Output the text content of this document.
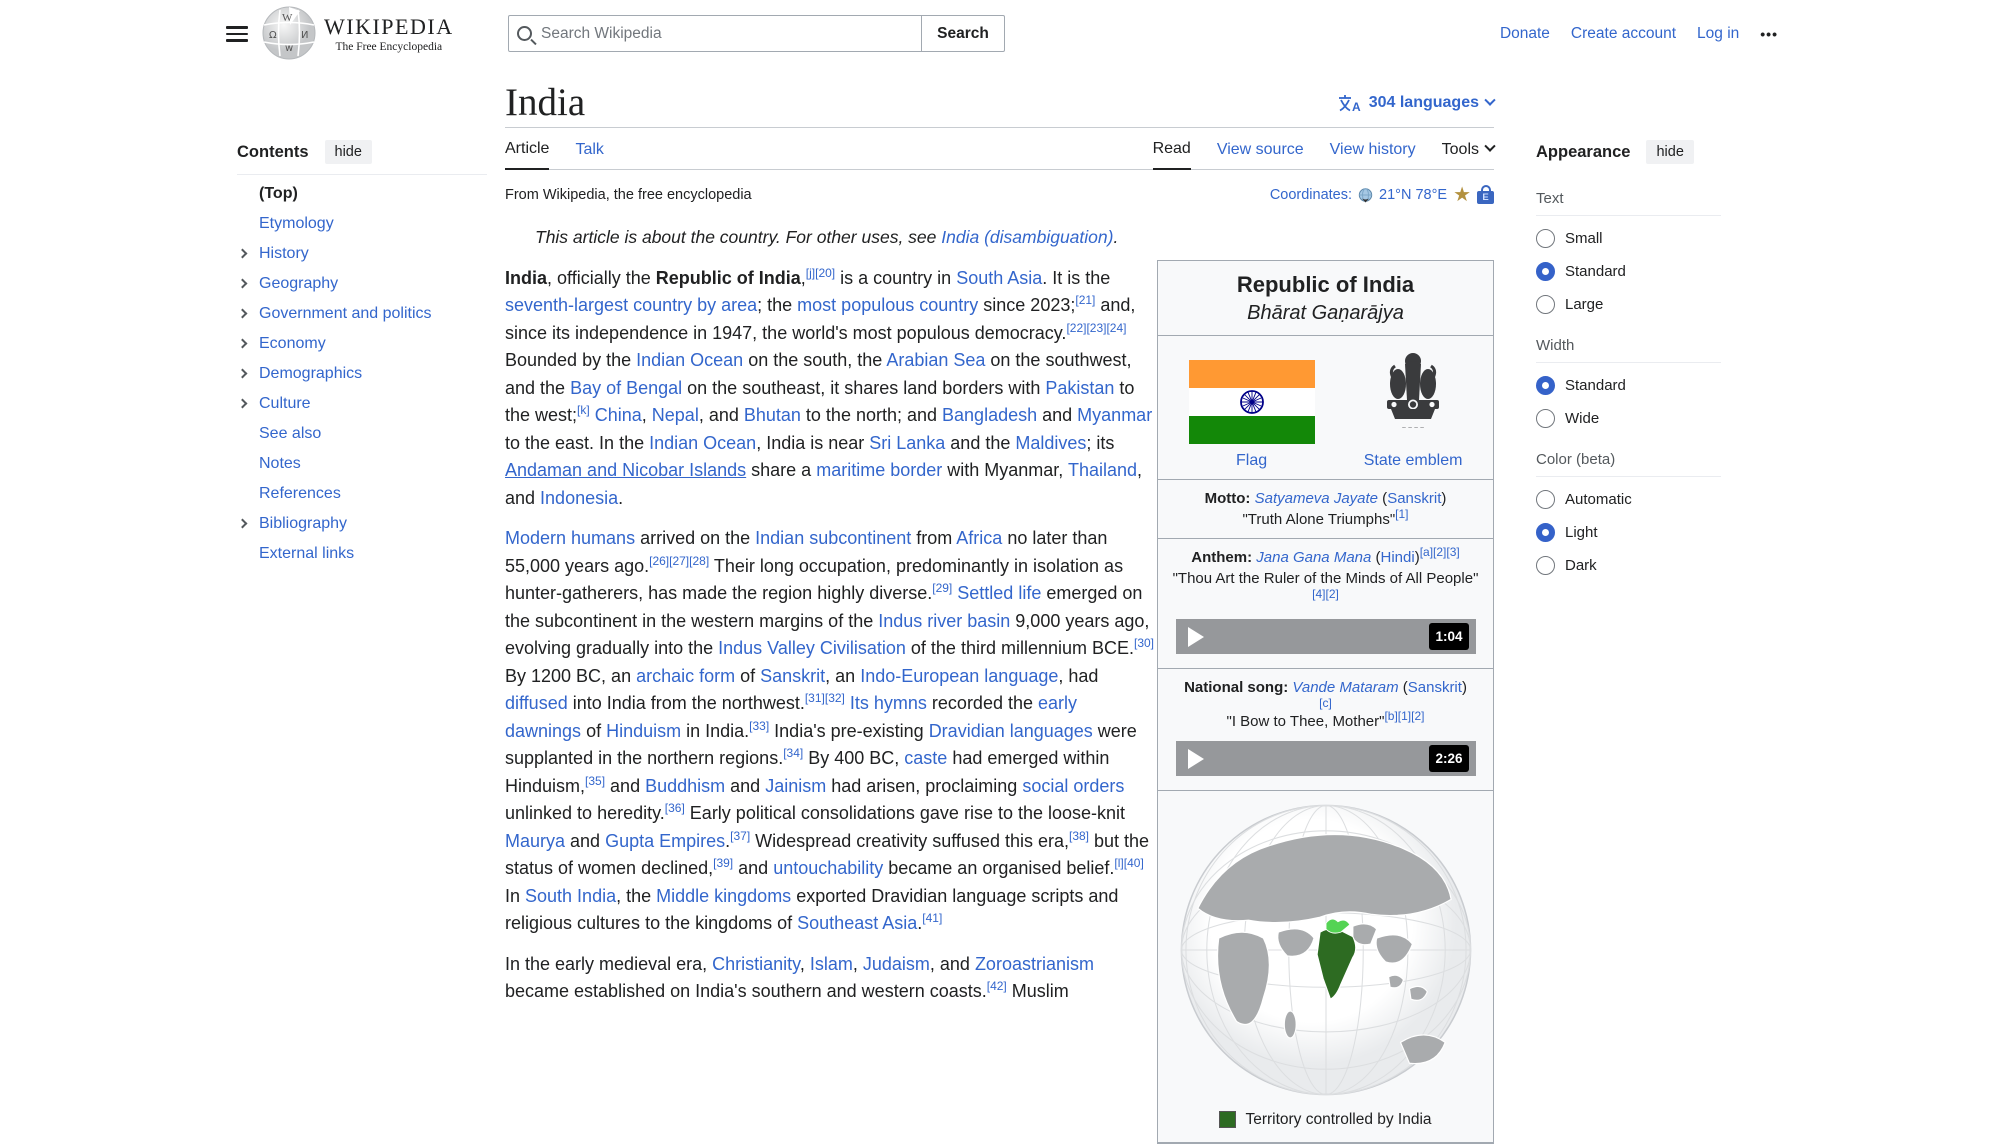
W
Ω И
w
WIKIPEDIA
The Free Encyclopedia
Search Wikipedia
Search	Donate Create account Log in •••
Contents	hide
(Top)
Etymology
History
Geography
Government and politics
Economy
Demographics
Culture
See also
Notes
References
Bibliography
External links
India	A 304 languages
Article Talk	Read View source View history Tools
From Wikipedia, the free encyclopedia	Coordinates: 21°N 78°E ★	E
This article is about the country. For other uses, see India (disambiguation).

India, officially the Republic of India,[j][20] is a country in South Asia. It is the seventh-largest country by area; the most populous country since 2023;[21] and, since its independence in 1947, the world's most populous democracy.[22][23][24] Bounded by the Indian Ocean on the south, the Arabian Sea on the southwest, and the Bay of Bengal on the southeast, it shares land borders with Pakistan to the west;[k] China, Nepal, and Bhutan to the north; and Bangladesh and Myanmar to the east. In the Indian Ocean, India is near Sri Lanka and the Maldives; its Andaman and Nicobar Islands share a maritime border with Myanmar, Thailand, and Indonesia.

Modern humans arrived on the Indian subcontinent from Africa no later than 55,000 years ago.[26][27][28] Their long occupation, predominantly in isolation as hunter-gatherers, has made the region highly diverse.[29] Settled life emerged on the subcontinent in the western margins of the Indus river basin 9,000 years ago, evolving gradually into the Indus Valley Civilisation of the third millennium BCE.[30] By 1200 BC, an archaic form of Sanskrit, an Indo-European language, had diffused into India from the northwest.[31][32] Its hymns recorded the early dawnings of Hinduism in India.[33] India's pre-existing Dravidian languages were supplanted in the northern regions.[34] By 400 BC, caste had emerged within Hinduism,[35] and Buddhism and Jainism had arisen, proclaiming social orders unlinked to heredity.[36] Early political consolidations gave rise to the loose-knit Maurya and Gupta Empires.[37] Widespread creativity suffused this era,[38] but the status of women declined,[39] and untouchability became an organised belief.[l][40] In South India, the Middle kingdoms exported Dravidian language scripts and religious cultures to the kingdoms of Southeast Asia.[41]

In the early medieval era, Christianity, Islam, Judaism, and Zoroastrianism became established on India's southern and western coasts.[42] Muslim

Republic of India
Bhārat Gaṇarājya
Flag
~ ~ ~ ~
State emblem
Motto: Satyameva Jayate (Sanskrit)
"Truth Alone Triumphs"[1]
Anthem: Jana Gana Mana (Hindi)[a][2][3]
"Thou Art the Ruler of the Minds of All People"[4][2]
1:04
National song: Vande Mataram (Sanskrit)
[c]
"I Bow to Thee, Mother"[b][1][2]
2:26
Territory controlled by India
Appearance	hide
Text
Small
Standard
Large
Width
Standard
Wide
Color (beta)
Automatic
Light
Dark
